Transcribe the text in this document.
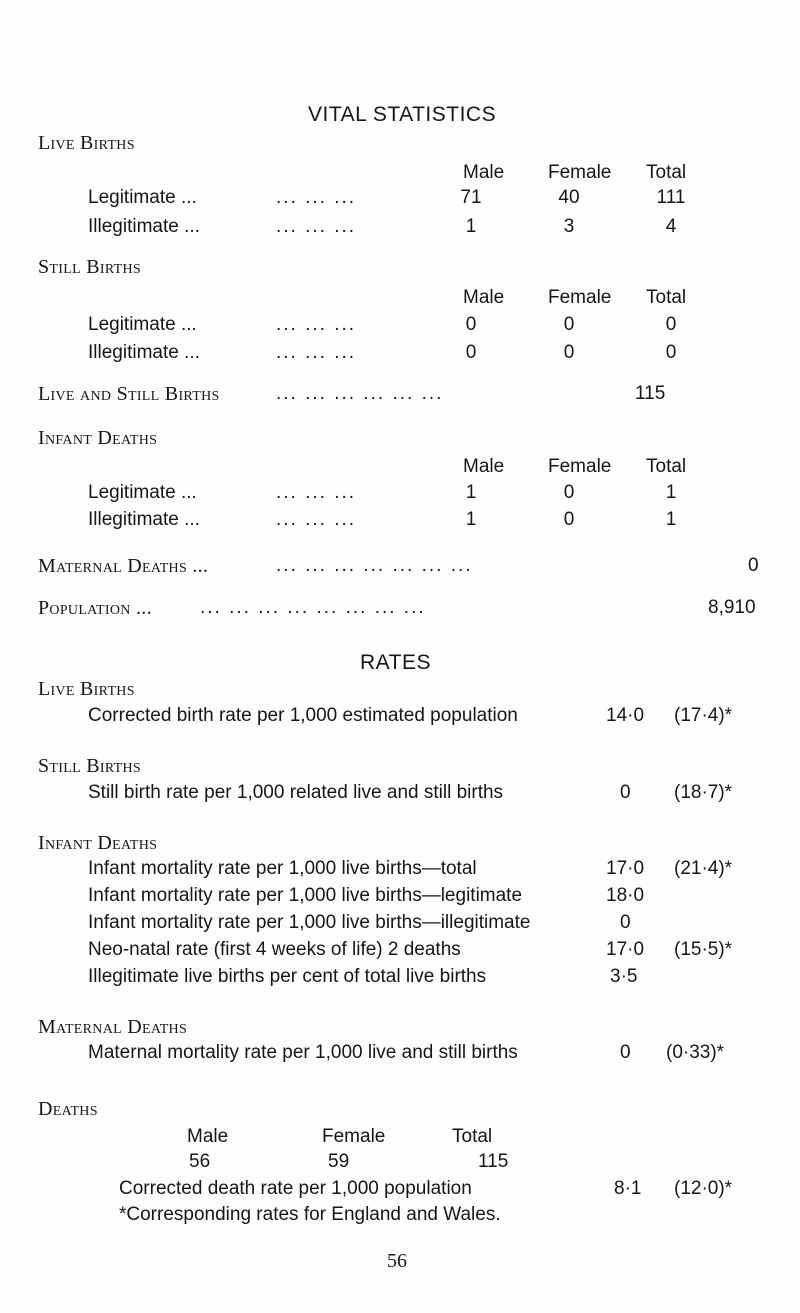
VITAL STATISTICS
Live Births
Male Female Total
Legitimate ...	... ... ...	71	40	111
Illegitimate ...	... ... ...	1	3	4
Still Births
Male Female Total
Legitimate ...	... ... ...	0	0	0
Illegitimate ...	... ... ...	0	0	0
Live and Still Births	... ... ... ... ... ...	115
Infant Deaths
Male Female Total
Legitimate ...	... ... ...	1	0	1
Illegitimate ...	... ... ...	1	0	1
Maternal Deaths ...	... ... ... ... ... ... ...	0
Population ...	... ... ... ... ... ... ... ...	8,910
RATES
Live Births
Corrected birth rate per 1,000 estimated population	14·0 (17·4)*
Still Births
Still birth rate per 1,000 related live and still births	0 (18·7)*
Infant Deaths
Infant mortality rate per 1,000 live births—total	17·0 (21·4)*
Infant mortality rate per 1,000 live births—legitimate	18·0
Infant mortality rate per 1,000 live births—illegitimate	0
Neo-natal rate (first 4 weeks of life) 2 deaths	17·0 (15·5)*
Illegitimate live births per cent of total live births	3·5
Maternal Deaths
Maternal mortality rate per 1,000 live and still births	0 (0·33)*
Deaths
Male	Female	Total
56	59	115
Corrected death rate per 1,000 population	8·1 (12·0)*
*Corresponding rates for England and Wales.
56
